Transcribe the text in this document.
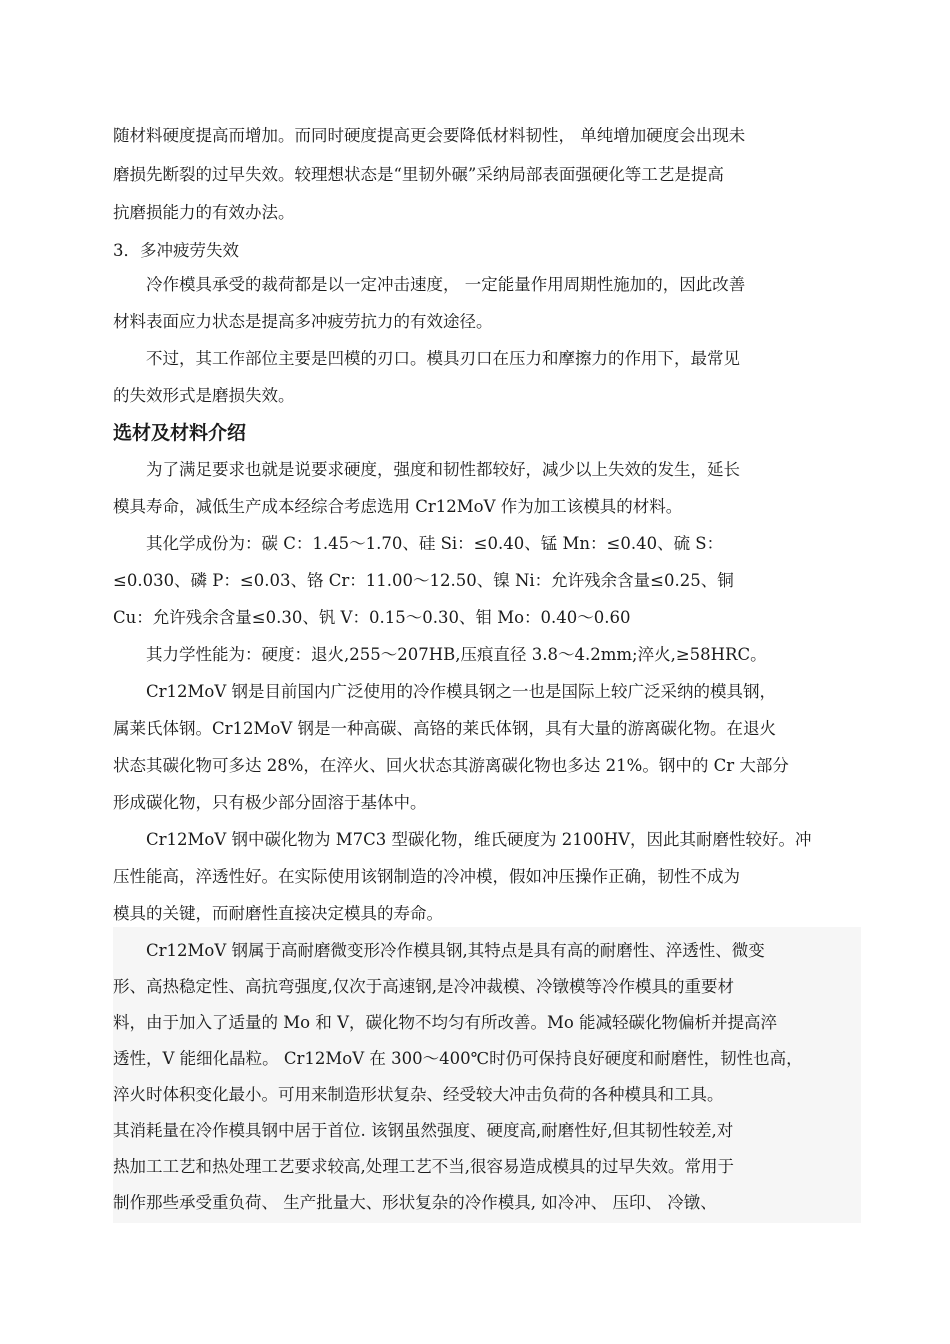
随材料硬度提高而增加。而同时硬度提高更会要降低材料韧性， 单纯增加硬度会出现未

磨损先断裂的过早失效。较理想状态是“里韧外碾”采纳局部表面强硬化等工艺是提高

抗磨损能力的有效办法。

3．多冲疲劳失效

　　冷作模具承受的裁荷都是以一定冲击速度， 一定能量作用周期性施加的，因此改善

材料表面应力状态是提高多冲疲劳抗力的有效途径。

　　不过，其工作部位主要是凹模的刃口。模具刃口在压力和摩擦力的作用下，最常见

的失效形式是磨损失效。

选材及材料介绍

　　为了满足要求也就是说要求硬度，强度和韧性都较好，减少以上失效的发生，延长

模具寿命，减低生产成本经综合考虑选用 Cr12MoV 作为加工该模具的材料。

　　其化学成份为：碳 C：1.45～1.70、硅 Si：≤0.40、锰 Mn：≤0.40、硫 S：

≤0.030、磷 P：≤0.03、铬 Cr：11.00～12.50、镍 Ni：允许残余含量≤0.25、铜

Cu：允许残余含量≤0.30、钒 V：0.15～0.30、钼 Mo：0.40～0.60

　　其力学性能为：硬度：退火,255～207HB,压痕直径 3.8～4.2mm;淬火,≥58HRC。

　　Cr12MoV 钢是目前国内广泛使用的冷作模具钢之一也是国际上较广泛采纳的模具钢，

属莱氏体钢。Cr12MoV 钢是一种高碳、高铬的莱氏体钢，具有大量的游离碳化物。在退火

状态其碳化物可多达 28%，在淬火、回火状态其游离碳化物也多达 21%。钢中的 Cr 大部分

形成碳化物，只有极少部分固溶于基体中。

　　Cr12MoV 钢中碳化物为 M7C3 型碳化物，维氏硬度为 2100HV，因此其耐磨性较好。冲

压性能高，淬透性好。在实际使用该钢制造的冷冲模，假如冲压操作正确，韧性不成为

模具的关键，而耐磨性直接决定模具的寿命。

　　Cr12MoV 钢属于高耐磨微变形冷作模具钢,其特点是具有高的耐磨性、淬透性、微变

形、高热稳定性、高抗弯强度,仅次于高速钢,是冷冲裁模、冷镦模等冷作模具的重要材

料，由于加入了适量的 Mo 和 V，碳化物不均匀有所改善。Mo 能减轻碳化物偏析并提高淬

透性，V 能细化晶粒。 Cr12MoV 在 300～400℃时仍可保持良好硬度和耐磨性，韧性也高，

淬火时体积变化最小。可用来制造形状复杂、经受较大冲击负荷的各种模具和工具。

其消耗量在冷作模具钢中居于首位. 该钢虽然强度、硬度高,耐磨性好,但其韧性较差,对

热加工工艺和热处理工艺要求较高,处理工艺不当,很容易造成模具的过早失效。常用于

制作那些承受重负荷、 生产批量大、形状复杂的冷作模具, 如冷冲、 压印、 冷镦、
